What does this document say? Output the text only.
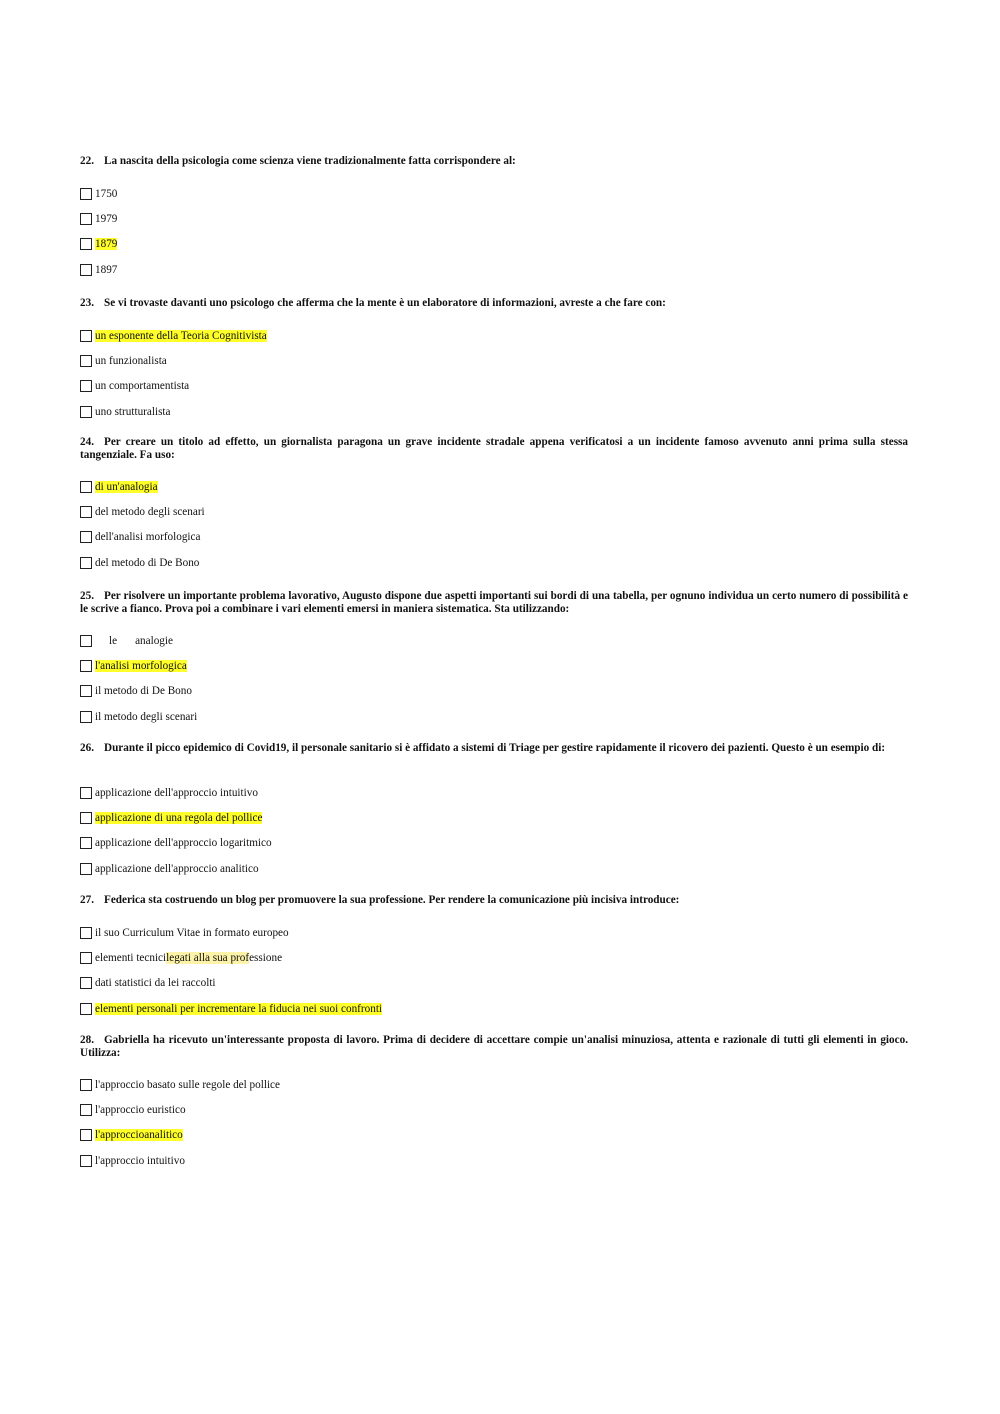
22. La nascita della psicologia come scienza viene tradizionalmente fatta corrispondere al:

1750
1979
1879
1897

23. Se vi trovaste davanti uno psicologo che afferma che la mente è un elaboratore di informazioni, avreste a che fare con:

un esponente della Teoria Cognitivista
un funzionalista
un comportamentista
uno strutturalista

24. Per creare un titolo ad effetto, un giornalista paragona un grave incidente stradale appena verificatosi a un incidente famoso avvenuto anni prima sulla stessa tangenziale. Fa uso:

di un'analogia
del metodo degli scenari
dell'analisi morfologica
del metodo di De Bono

25. Per risolvere un importante problema lavorativo, Augusto dispone due aspetti importanti sui bordi di una tabella, per ognuno individua un certo numero di possibilità e le scrive a fianco. Prova poi a combinare i vari elementi emersi in maniera sistematica. Sta utilizzando:

le analogie
l'analisi morfologica
il metodo di De Bono
il metodo degli scenari

26. Durante il picco epidemico di Covid19, il personale sanitario si è affidato a sistemi di Triage per gestire rapidamente il ricovero dei pazienti. Questo è un esempio di:

applicazione dell'approccio intuitivo
applicazione di una regola del pollice
applicazione dell'approccio logaritmico
applicazione dell'approccio analitico

27. Federica sta costruendo un blog per promuovere la sua professione. Per rendere la comunicazione più incisiva introduce:

il suo Curriculum Vitae in formato europeo
elementi tecnici legati alla sua prof essione
dati statistici da lei raccolti
elementi personali per incrementare la fiducia nei suoi confronti

28. Gabriella ha ricevuto un'interessante proposta di lavoro. Prima di decidere di accettare compie un'analisi minuziosa, attenta e razionale di tutti gli elementi in gioco. Utilizza:

l'approccio basato sulle regole del pollice
l'approccio euristico
l'approccioanalitico
l'approccio intuitivo
